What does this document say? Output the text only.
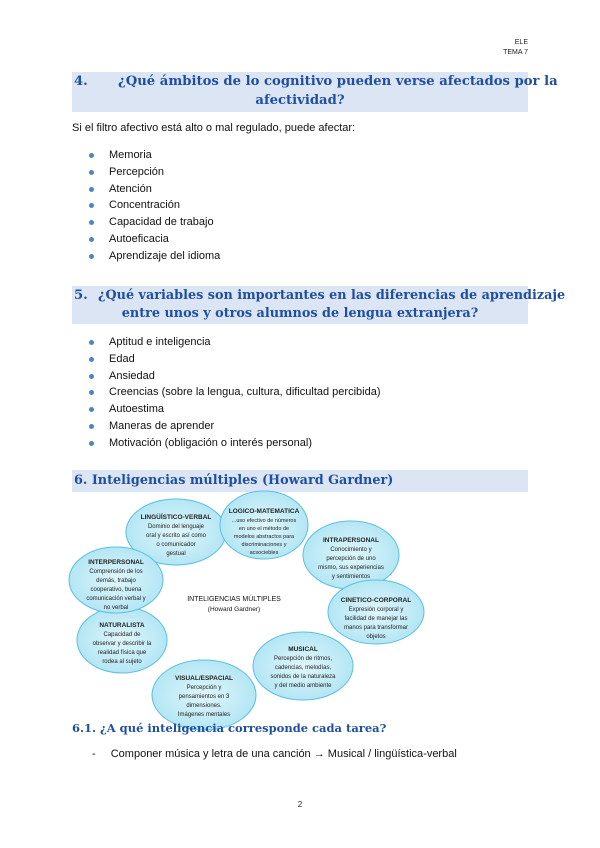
ELE
TEMA 7
4. ¿Qué ámbitos de lo cognitivo pueden verse afectados por la
afectividad?
Si el filtro afectivo está alto o mal regulado, puede afectar:
Memoria
Percepción
Atención
Concentración
Capacidad de trabajo
Autoeficacia
Aprendizaje del idioma
5. ¿Qué variables son importantes en las diferencias de aprendizaje
entre unos y otros alumnos de lengua extranjera?
Aptitud e inteligencia
Edad
Ansiedad
Creencias (sobre la lengua, cultura, dificultad percibida)
Autoestima
Maneras de aprender
Motivación (obligación o interés personal)
6. Inteligencias múltiples (Howard Gardner)
INTELIGENCIAS MÚLTIPLES
(Howard Gardner)
LINGÜÍSTICO-VERBAL
Dominio del lenguaje
oral y escrito así como
o comunicador
gestual
LOGICO-MATEMATICA
...uso efectivo de números
en uno el método de
modelos abstractos para
discriminaciones y
acsociebles
INTRAPERSONAL
Conocimiento y
percepción de uno
mismo, sus experiencias
y sentimientos
CINETICO-CORPORAL
Expresión corporal y
facilidad de manejar las
manos para transformar
objetos
MUSICAL
Percepción de ritmos,
cadencias, melodías,
sonidos de la naturaleza
y del medio ambiente
VISUAL/ESPACIAL
Percepción y
pensamientos en 3
dimensiones.
Imágenes mentales
NATURALISTA
Capacidad de
observar y describir la
realidad física que
rodea al sujeto
INTERPERSONAL
Comprensión de los
demás, trabajo
cooperativo, buena
comunicación verbal y
no verbal
6.1. ¿A qué inteligencia corresponde cada tarea?
- Componer música y letra de una canción → Musical / lingüística-verbal
2
